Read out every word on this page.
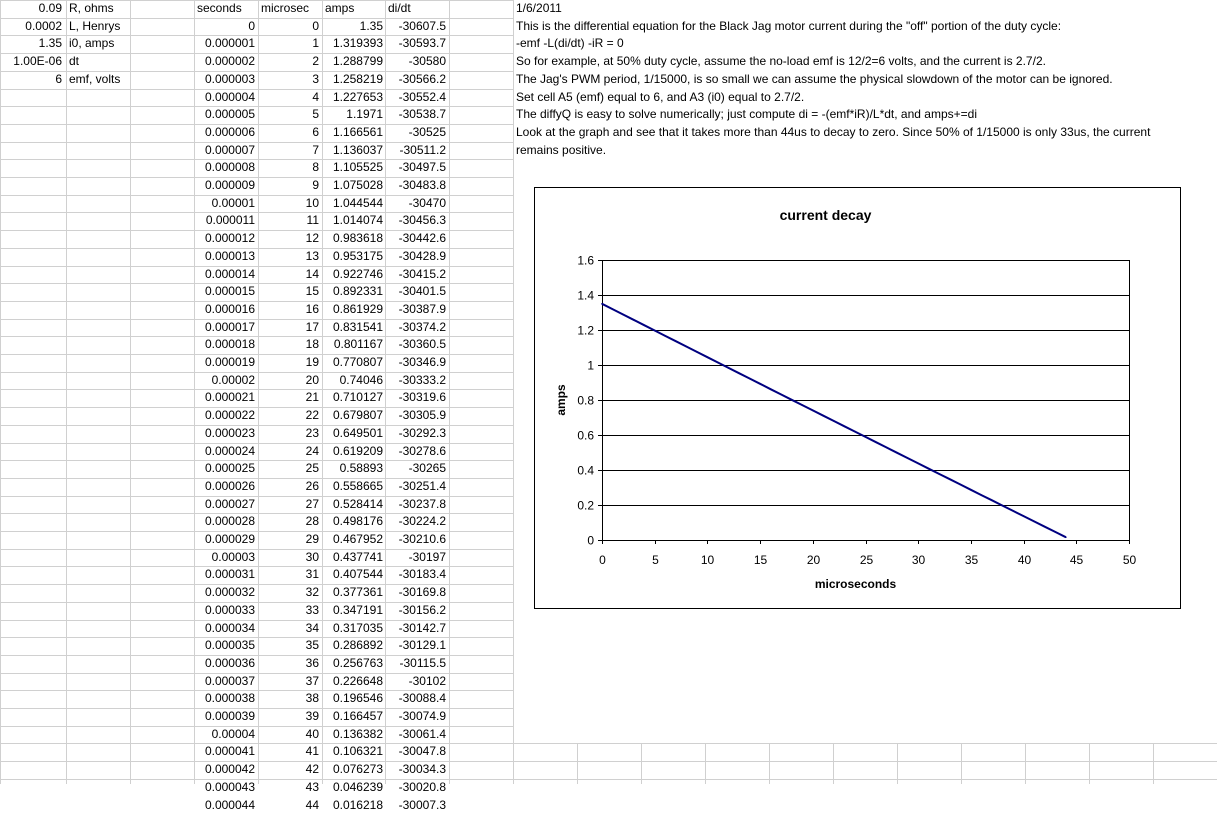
0.09 R, ohms
0.0002 L, Henrys
1.35 i0, amps
1.00E-06 dt
6 emf, volts
seconds	microsec	amps	di/dt
0	0	1.35	-30607.5
0.000001	1	1.319393	-30593.7
0.000002	2	1.288799	-30580
0.000003	3	1.258219	-30566.2
0.000004	4	1.227653	-30552.4
0.000005	5	1.1971	-30538.7
0.000006	6	1.166561	-30525
0.000007	7	1.136037	-30511.2
0.000008	8	1.105525	-30497.5
0.000009	9	1.075028	-30483.8
0.00001	10	1.044544	-30470
0.000011	11	1.014074	-30456.3
0.000012	12	0.983618	-30442.6
0.000013	13	0.953175	-30428.9
0.000014	14	0.922746	-30415.2
0.000015	15	0.892331	-30401.5
0.000016	16	0.861929	-30387.9
0.000017	17	0.831541	-30374.2
0.000018	18	0.801167	-30360.5
0.000019	19	0.770807	-30346.9
0.00002	20	0.74046	-30333.2
0.000021	21	0.710127	-30319.6
0.000022	22	0.679807	-30305.9
0.000023	23	0.649501	-30292.3
0.000024	24	0.619209	-30278.6
0.000025	25	0.58893	-30265
0.000026	26	0.558665	-30251.4
0.000027	27	0.528414	-30237.8
0.000028	28	0.498176	-30224.2
0.000029	29	0.467952	-30210.6
0.00003	30	0.437741	-30197
0.000031	31	0.407544	-30183.4
0.000032	32	0.377361	-30169.8
0.000033	33	0.347191	-30156.2
0.000034	34	0.317035	-30142.7
0.000035	35	0.286892	-30129.1
0.000036	36	0.256763	-30115.5
0.000037	37	0.226648	-30102
0.000038	38	0.196546	-30088.4
0.000039	39	0.166457	-30074.9
0.00004	40	0.136382	-30061.4
0.000041	41	0.106321	-30047.8
0.000042	42	0.076273	-30034.3
0.000043	43	0.046239	-30020.8
0.000044	44	0.016218	-30007.3
1/6/2011
This is the differential equation for the Black Jag motor current during the "off" portion of the duty cycle:
-emf -L(di/dt) -iR = 0
So for example, at 50% duty cycle, assume the no-load emf is 12/2=6 volts, and the current is 2.7/2.
The Jag's PWM period, 1/15000, is so small we can assume the physical slowdown of the motor can be ignored.
Set cell A5 (emf) equal to 6, and A3 (i0) equal to 2.7/2.
The diffyQ is easy to solve numerically; just compute di = -(emf*iR)/L*dt, and amps+=di
Look at the graph and see that it takes more than 44us to decay to zero. Since 50% of 1/15000 is only 33us, the current
remains positive.
current decay
0
0.2
0.4
0.6
0.8
1
1.2
1.4
1.6
0	5	10	15	20	25	30	35	40	45	50
microseconds
amps
